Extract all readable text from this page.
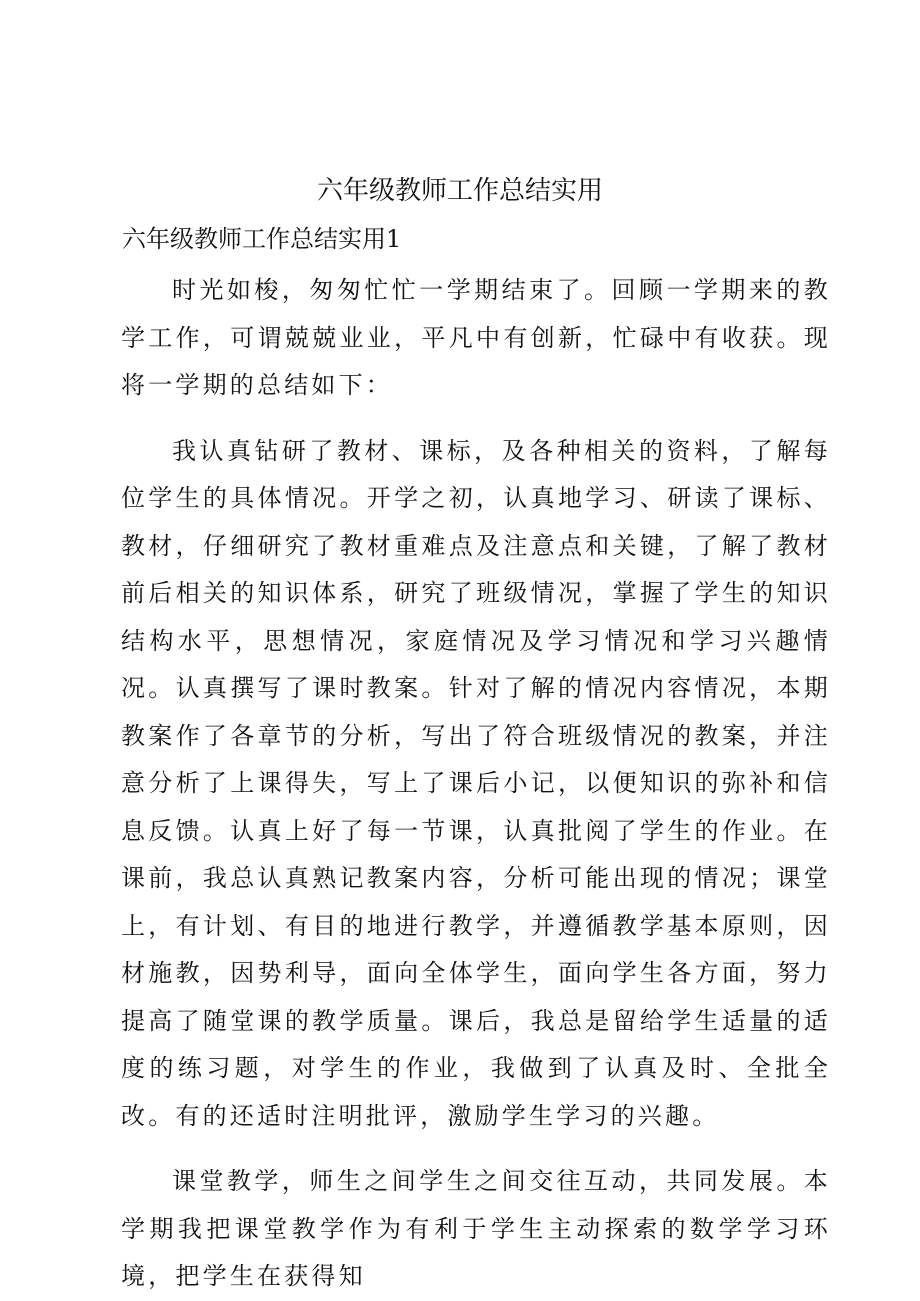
六年级教师工作总结实用
六年级教师工作总结实用1

时光如梭，匆匆忙忙一学期结束了。回顾一学期来的教学工作，可谓兢兢业业，平凡中有创新，忙碌中有收获。现将一学期的总结如下：

我认真钻研了教材、课标，及各种相关的资料，了解每位学生的具体情况。开学之初，认真地学习、研读了课标、教材，仔细研究了教材重难点及注意点和关键，了解了教材前后相关的知识体系，研究了班级情况，掌握了学生的知识结构水平，思想情况，家庭情况及学习情况和学习兴趣情况。认真撰写了课时教案。针对了解的情况内容情况，本期教案作了各章节的分析，写出了符合班级情况的教案，并注意分析了上课得失，写上了课后小记，以便知识的弥补和信息反馈。认真上好了每一节课，认真批阅了学生的作业。在课前，我总认真熟记教案内容，分析可能出现的情况；课堂上，有计划、有目的地进行教学，并遵循教学基本原则，因材施教，因势利导，面向全体学生，面向学生各方面，努力提高了随堂课的教学质量。课后，我总是留给学生适量的适度的练习题，对学生的作业，我做到了认真及时、全批全改。有的还适时注明批评，激励学生学习的兴趣。

课堂教学，师生之间学生之间交往互动，共同发展。本学期我把课堂教学作为有利于学生主动探索的数学学习环境，把学生在获得知
